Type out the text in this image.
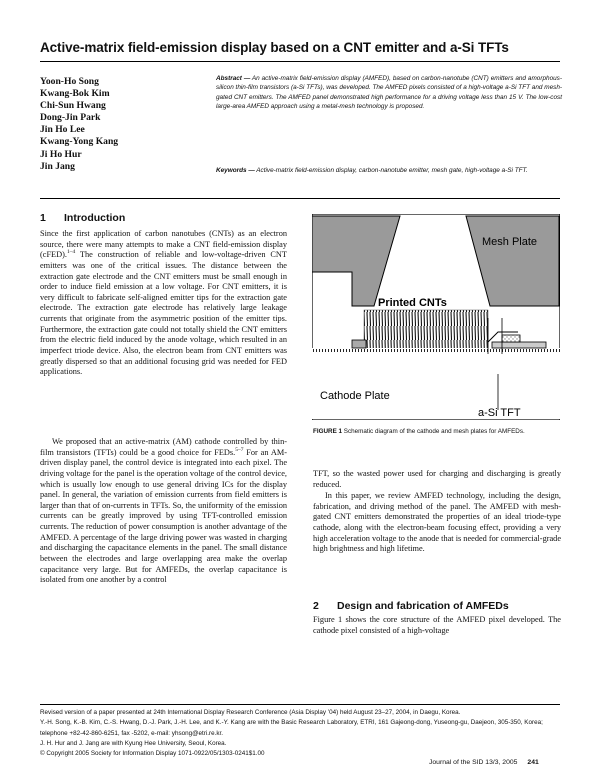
Active-matrix field-emission display based on a CNT emitter and a-Si TFTs
Yoon-Ho Song
Kwang-Bok Kim
Chi-Sun Hwang
Dong-Jin Park
Jin Ho Lee
Kwang-Yong Kang
Ji Ho Hur
Jin Jang
Abstract — An active-matrix field-emission display (AMFED), based on carbon-nanotube (CNT) emitters and amorphous-silicon thin-film transistors (a-Si TFTs), was developed. The AMFED pixels consisted of a high-voltage a-Si TFT and mesh-gated CNT emitters. The AMFED panel demonstrated high performance for a driving voltage less than 15 V. The low-cost large-area AMFED approach using a metal-mesh technology is proposed.
Keywords — Active-matrix field-emission display, carbon-nanotube emitter, mesh gate, high-voltage a-Si TFT.
1 Introduction
Since the first application of carbon nanotubes (CNTs) as an electron source, there were many attempts to make a CNT field-emission display (cFED).$^{1-4}$ The construction of reliable and low-voltage-driven CNT emitters was one of the critical issues. The distance between the extraction gate electrode and the CNT emitters must be small enough in order to induce field emission at a low voltage. For CNT emitters, it is very difficult to fabricate self-aligned emitter tips for the extraction gate electrode. The extraction gate electrode has relatively large leakage currents that originate from the asymmetric position of the emitter tips. Furthermore, the extraction gate could not totally shield the CNT emitters from the electric field induced by the anode voltage, which resulted in an imperfect triode device. Also, the electron beam from CNT emitters was greatly dispersed so that an additional focusing grid was needed for FED applications.
We proposed that an active-matrix (AM) cathode controlled by thin-film transistors (TFTs) could be a good choice for FEDs.$^{5-7}$ For an AM-driven display panel, the control device is integrated into each pixel. The driving voltage for the panel is the operation voltage of the control device, which is usually low enough to use general driving ICs for the display panel. In general, the variation of emission currents from field emitters is larger than that of on-currents in TFTs. So, the uniformity of the emission currents can be greatly improved by using TFT-controlled emission currents. The reduction of power consumption is another advantage of the AMFED. A percentage of the large driving power was wasted in charging and discharging the capacitance elements in the panel. The small distance between the electrodes and large overlapping area make the overlap capacitance very large. But for AMFEDs, the overlap capacitance is isolated from one another by a control
Mesh Plate
Printed CNTs
Cathode Plate
a-Si TFT
FIGURE 1 Schematic diagram of the cathode and mesh plates for AMFEDs.
TFT, so the wasted power used for charging and discharging is greatly reduced.
In this paper, we review AMFED technology, including the design, fabrication, and driving method of the panel. The AMFED with mesh-gated CNT emitters demonstrated the properties of an ideal triode-type cathode, along with the electron-beam focusing effect, providing a very high acceleration voltage to the anode that is needed for commercial-grade high brightness and high lifetime.
2 Design and fabrication of AMFEDs
Figure 1 shows the core structure of the AMFED pixel developed. The cathode pixel consisted of a high-voltage
Revised version of a paper presented at 24th International Display Research Conference (Asia Display ’04) held August 23–27, 2004, in Daegu, Korea.
Y.-H. Song, K.-B. Kim, C.-S. Hwang, D.-J. Park, J.-H. Lee, and K.-Y. Kang are with the Basic Research Laboratory, ETRI, 161 Gajeong-dong, Yuseong-gu, Daejeon, 305-350, Korea; telephone +82-42-860-6251, fax -5202, e-mail: yhsong@etri.re.kr.
J. H. Hur and J. Jang are with Kyung Hee University, Seoul, Korea.
© Copyright 2005 Society for Information Display 1071-0922/05/1303-0241$1.00
Journal of the SID 13/3, 2005 241
